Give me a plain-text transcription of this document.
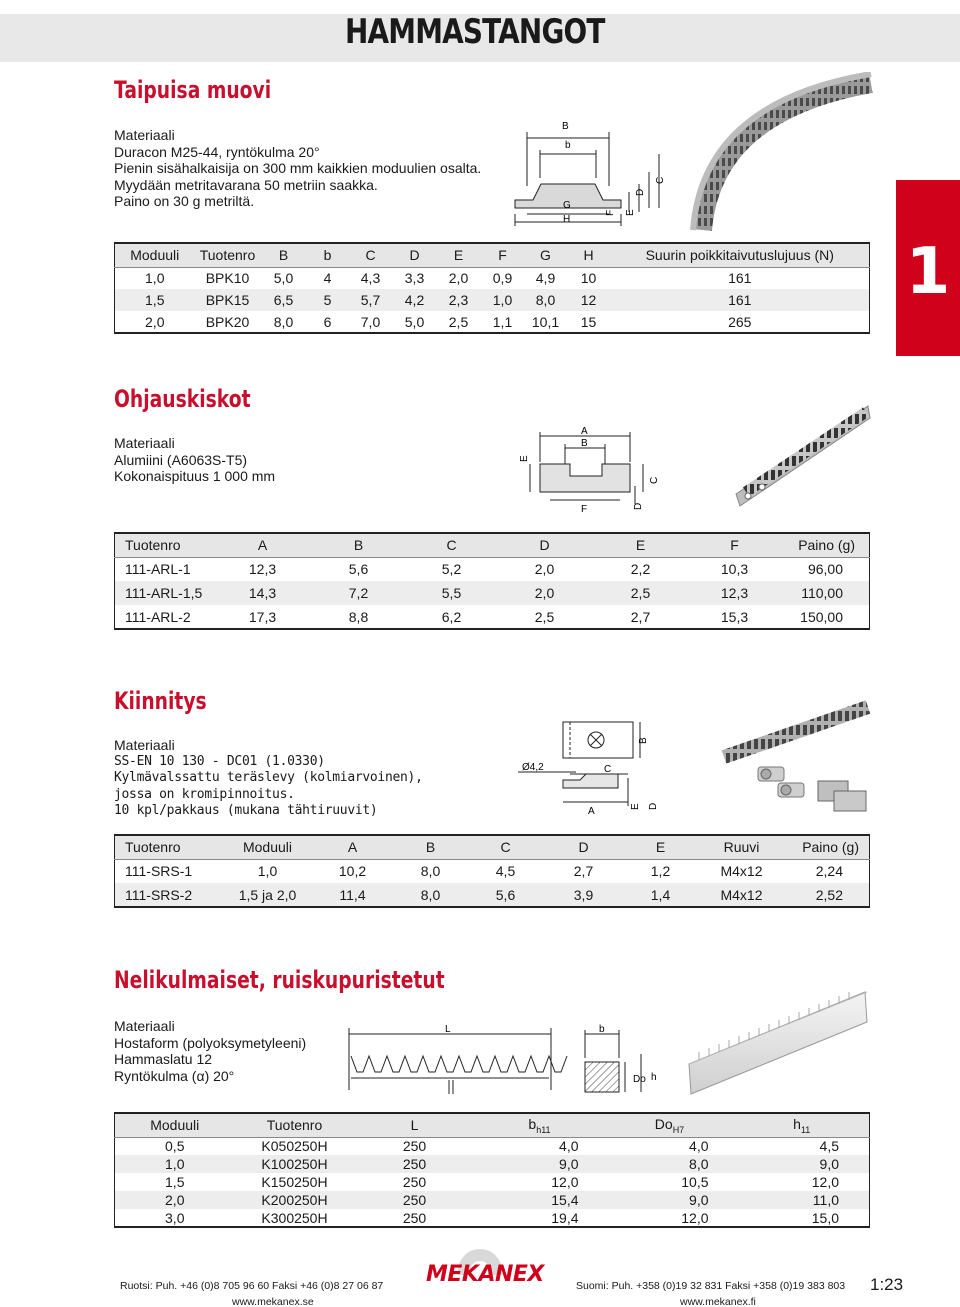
HAMMASTANGOT
1
Taipuisa muovi
Materiaali
Duracon M25-44, ryntökulma 20°
Pienin sisähalkaisija on 300 mm kaikkien moduulien osalta.
Myydään metritavarana 50 metriin saakka.
Paino on 30 g metriltä.
B
b
G
H
F E
D
C
Moduuli	Tuotenro	B	b	C	D	E	F	G	H	Suurin poikkitaivutuslujuus (N)
1,0	BPK10	5,0	4	4,3	3,3	2,0	0,9	4,9	10	161
1,5	BPK15	6,5	5	5,7	4,2	2,3	1,0	8,0	12	161
2,0	BPK20	8,0	6	7,0	5,0	2,5	1,1	10,1	15	265
Ohjauskiskot
Materiaali
Alumiini (A6063S-T5)
Kokonaispituus 1 000 mm
A
B
E
C
F	D
Tuotenro	A	B	C	D	E	F	Paino (g)
111-ARL-1	12,3	5,6	5,2	2,0	2,2	10,3	96,00
111-ARL-1,5	14,3	7,2	5,5	2,0	2,5	12,3	110,00
111-ARL-2	17,3	8,8	6,2	2,5	2,7	15,3	150,00
Kiinnitys
Materiaali
SS-EN 10 130 - DC01 (1.0330)
Kylmävalssattu teräslevy (kolmiarvoinen),
jossa on kromipinnoitus.
10 kpl/pakkaus (mukana tähtiruuvit)
Ø4,2	C
A
B
E D
Tuotenro	Moduuli	A	B	C	D	E	Ruuvi	Paino (g)
111-SRS-1	1,0	10,2	8,0	4,5	2,7	1,2	M4x12	2,24
111-SRS-2	1,5 ja 2,0	11,4	8,0	5,6	3,9	1,4	M4x12	2,52
Nelikulmaiset, ruiskupuristetut
Materiaali
Hostaform (polyoksymetyleeni)
Hammaslatu 12
Ryntökulma (α) 20°
L	b
Do h
Moduuli	Tuotenro	L	$b_{h11}$	$Do_{H7}$	$h_{11}$
0,5	K050250H	250	4,0	4,0	4,5
1,0	K100250H	250	9,0	8,0	9,0
1,5	K150250H	250	12,0	10,5	12,0
2,0	K200250H	250	15,4	9,0	11,0
3,0	K300250H	250	19,4	12,0	15,0
Ruotsi: Puh. +46 (0)8 705 96 60 Faksi +46 (0)8 27 06 87
www.mekanex.se
MEKANEX	Suomi: Puh. +358 (0)19 32 831 Faksi +358 (0)19 383 803
www.mekanex.fi
1:23
